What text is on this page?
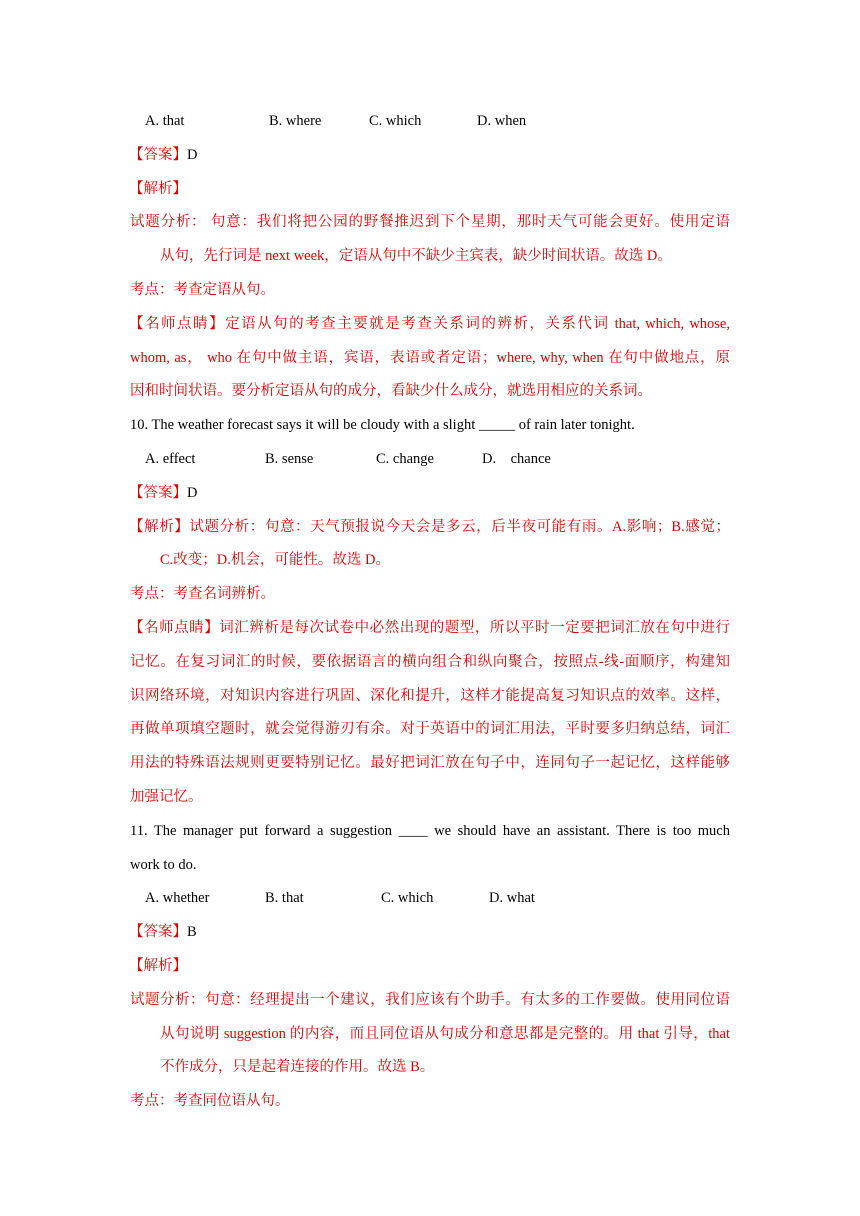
A. that	B. where	C. which	D. when
【答案】D
【解析】
试题分析： 句意：我们将把公园的野餐推迟到下个星期，那时天气可能会更好。使用定语
从句，先行词是 next week，定语从句中不缺少主宾表，缺少时间状语。故选 D。
考点：考查定语从句。
【名师点睛】定语从句的考查主要就是考查关系词的辨析，关系代词 that, which, whose,
whom, as， who 在句中做主语，宾语，表语或者定语；where, why, when 在句中做地点，原
因和时间状语。要分析定语从句的成分，看缺少什么成分，就选用相应的关系词。
10. The weather forecast says it will be cloudy with a slight _____ of rain later tonight.
A. effect	B. sense	C. change	D.    chance
【答案】D
【解析】试题分析：句意：天气预报说今天会是多云，后半夜可能有雨。A.影响；B.感觉；
C.改变；D.机会，可能性。故选 D。
考点：考查名词辨析。
【名师点睛】词汇辨析是每次试卷中必然出现的题型，所以平时一定要把词汇放在句中进行
记忆。在复习词汇的时候，要依据语言的横向组合和纵向聚合，按照点-线-面顺序，构建知
识网络环境，对知识内容进行巩固、深化和提升，这样才能提高复习知识点的效率。这样，
再做单项填空题时，就会觉得游刃有余。对于英语中的词汇用法，平时要多归纳总结，词汇
用法的特殊语法规则更要特别记忆。最好把词汇放在句子中，连同句子一起记忆，这样能够
加强记忆。
11. The manager put forward a suggestion ____ we should have an assistant. There is too much
work to do.
A. whether	B. that	C. which	D. what
【答案】B
【解析】
试题分析：句意：经理提出一个建议，我们应该有个助手。有太多的工作要做。使用同位语
从句说明 suggestion 的内容，而且同位语从句成分和意思都是完整的。用 that 引导，that
不作成分，只是起着连接的作用。故选 B。
考点：考查同位语从句。
